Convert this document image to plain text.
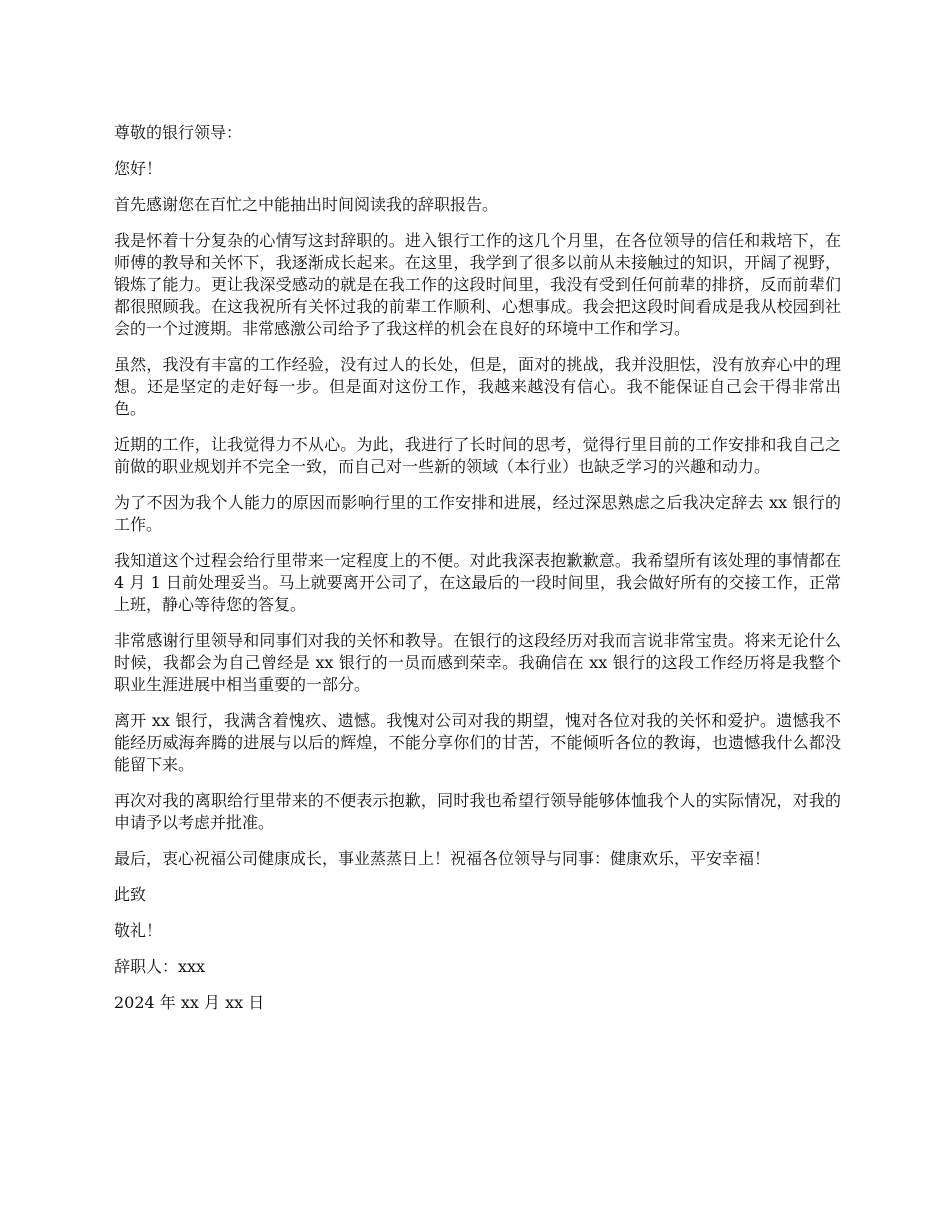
尊敬的银行领导：

您好！

首先感谢您在百忙之中能抽出时间阅读我的辞职报告。

我是怀着十分复杂的心情写这封辞职的。进入银行工作的这几个月里，在各位领导的信任和栽培下，在师傅的教导和关怀下，我逐渐成长起来。在这里，我学到了很多以前从未接触过的知识，开阔了视野，锻炼了能力。更让我深受感动的就是在我工作的这段时间里，我没有受到任何前辈的排挤，反而前辈们都很照顾我。在这我祝所有关怀过我的前辈工作顺利、心想事成。我会把这段时间看成是我从校园到社会的一个过渡期。非常感激公司给予了我这样的机会在良好的环境中工作和学习。

虽然，我没有丰富的工作经验，没有过人的长处，但是，面对的挑战，我并没胆怯，没有放弃心中的理想。还是坚定的走好每一步。但是面对这份工作，我越来越没有信心。我不能保证自己会干得非常出色。

近期的工作，让我觉得力不从心。为此，我进行了长时间的思考，觉得行里目前的工作安排和我自己之前做的职业规划并不完全一致，而自己对一些新的领域（本行业）也缺乏学习的兴趣和动力。

为了不因为我个人能力的原因而影响行里的工作安排和进展，经过深思熟虑之后我决定辞去 xx 银行的工作。

我知道这个过程会给行里带来一定程度上的不便。对此我深表抱歉歉意。我希望所有该处理的事情都在 4 月 1 日前处理妥当。马上就要离开公司了，在这最后的一段时间里，我会做好所有的交接工作，正常上班，静心等待您的答复。

非常感谢行里领导和同事们对我的关怀和教导。在银行的这段经历对我而言说非常宝贵。将来无论什么时候，我都会为自己曾经是 xx 银行的一员而感到荣幸。我确信在 xx 银行的这段工作经历将是我整个职业生涯进展中相当重要的一部分。

离开 xx 银行，我满含着愧疚、遗憾。我愧对公司对我的期望，愧对各位对我的关怀和爱护。遗憾我不能经历威海奔腾的进展与以后的辉煌，不能分享你们的甘苦，不能倾听各位的教诲，也遗憾我什么都没能留下来。

再次对我的离职给行里带来的不便表示抱歉，同时我也希望行领导能够体恤我个人的实际情况，对我的申请予以考虑并批准。

最后，衷心祝福公司健康成长，事业蒸蒸日上！祝福各位领导与同事：健康欢乐，平安幸福！

此致

敬礼！

辞职人：xxx

2024 年 xx 月 xx 日
